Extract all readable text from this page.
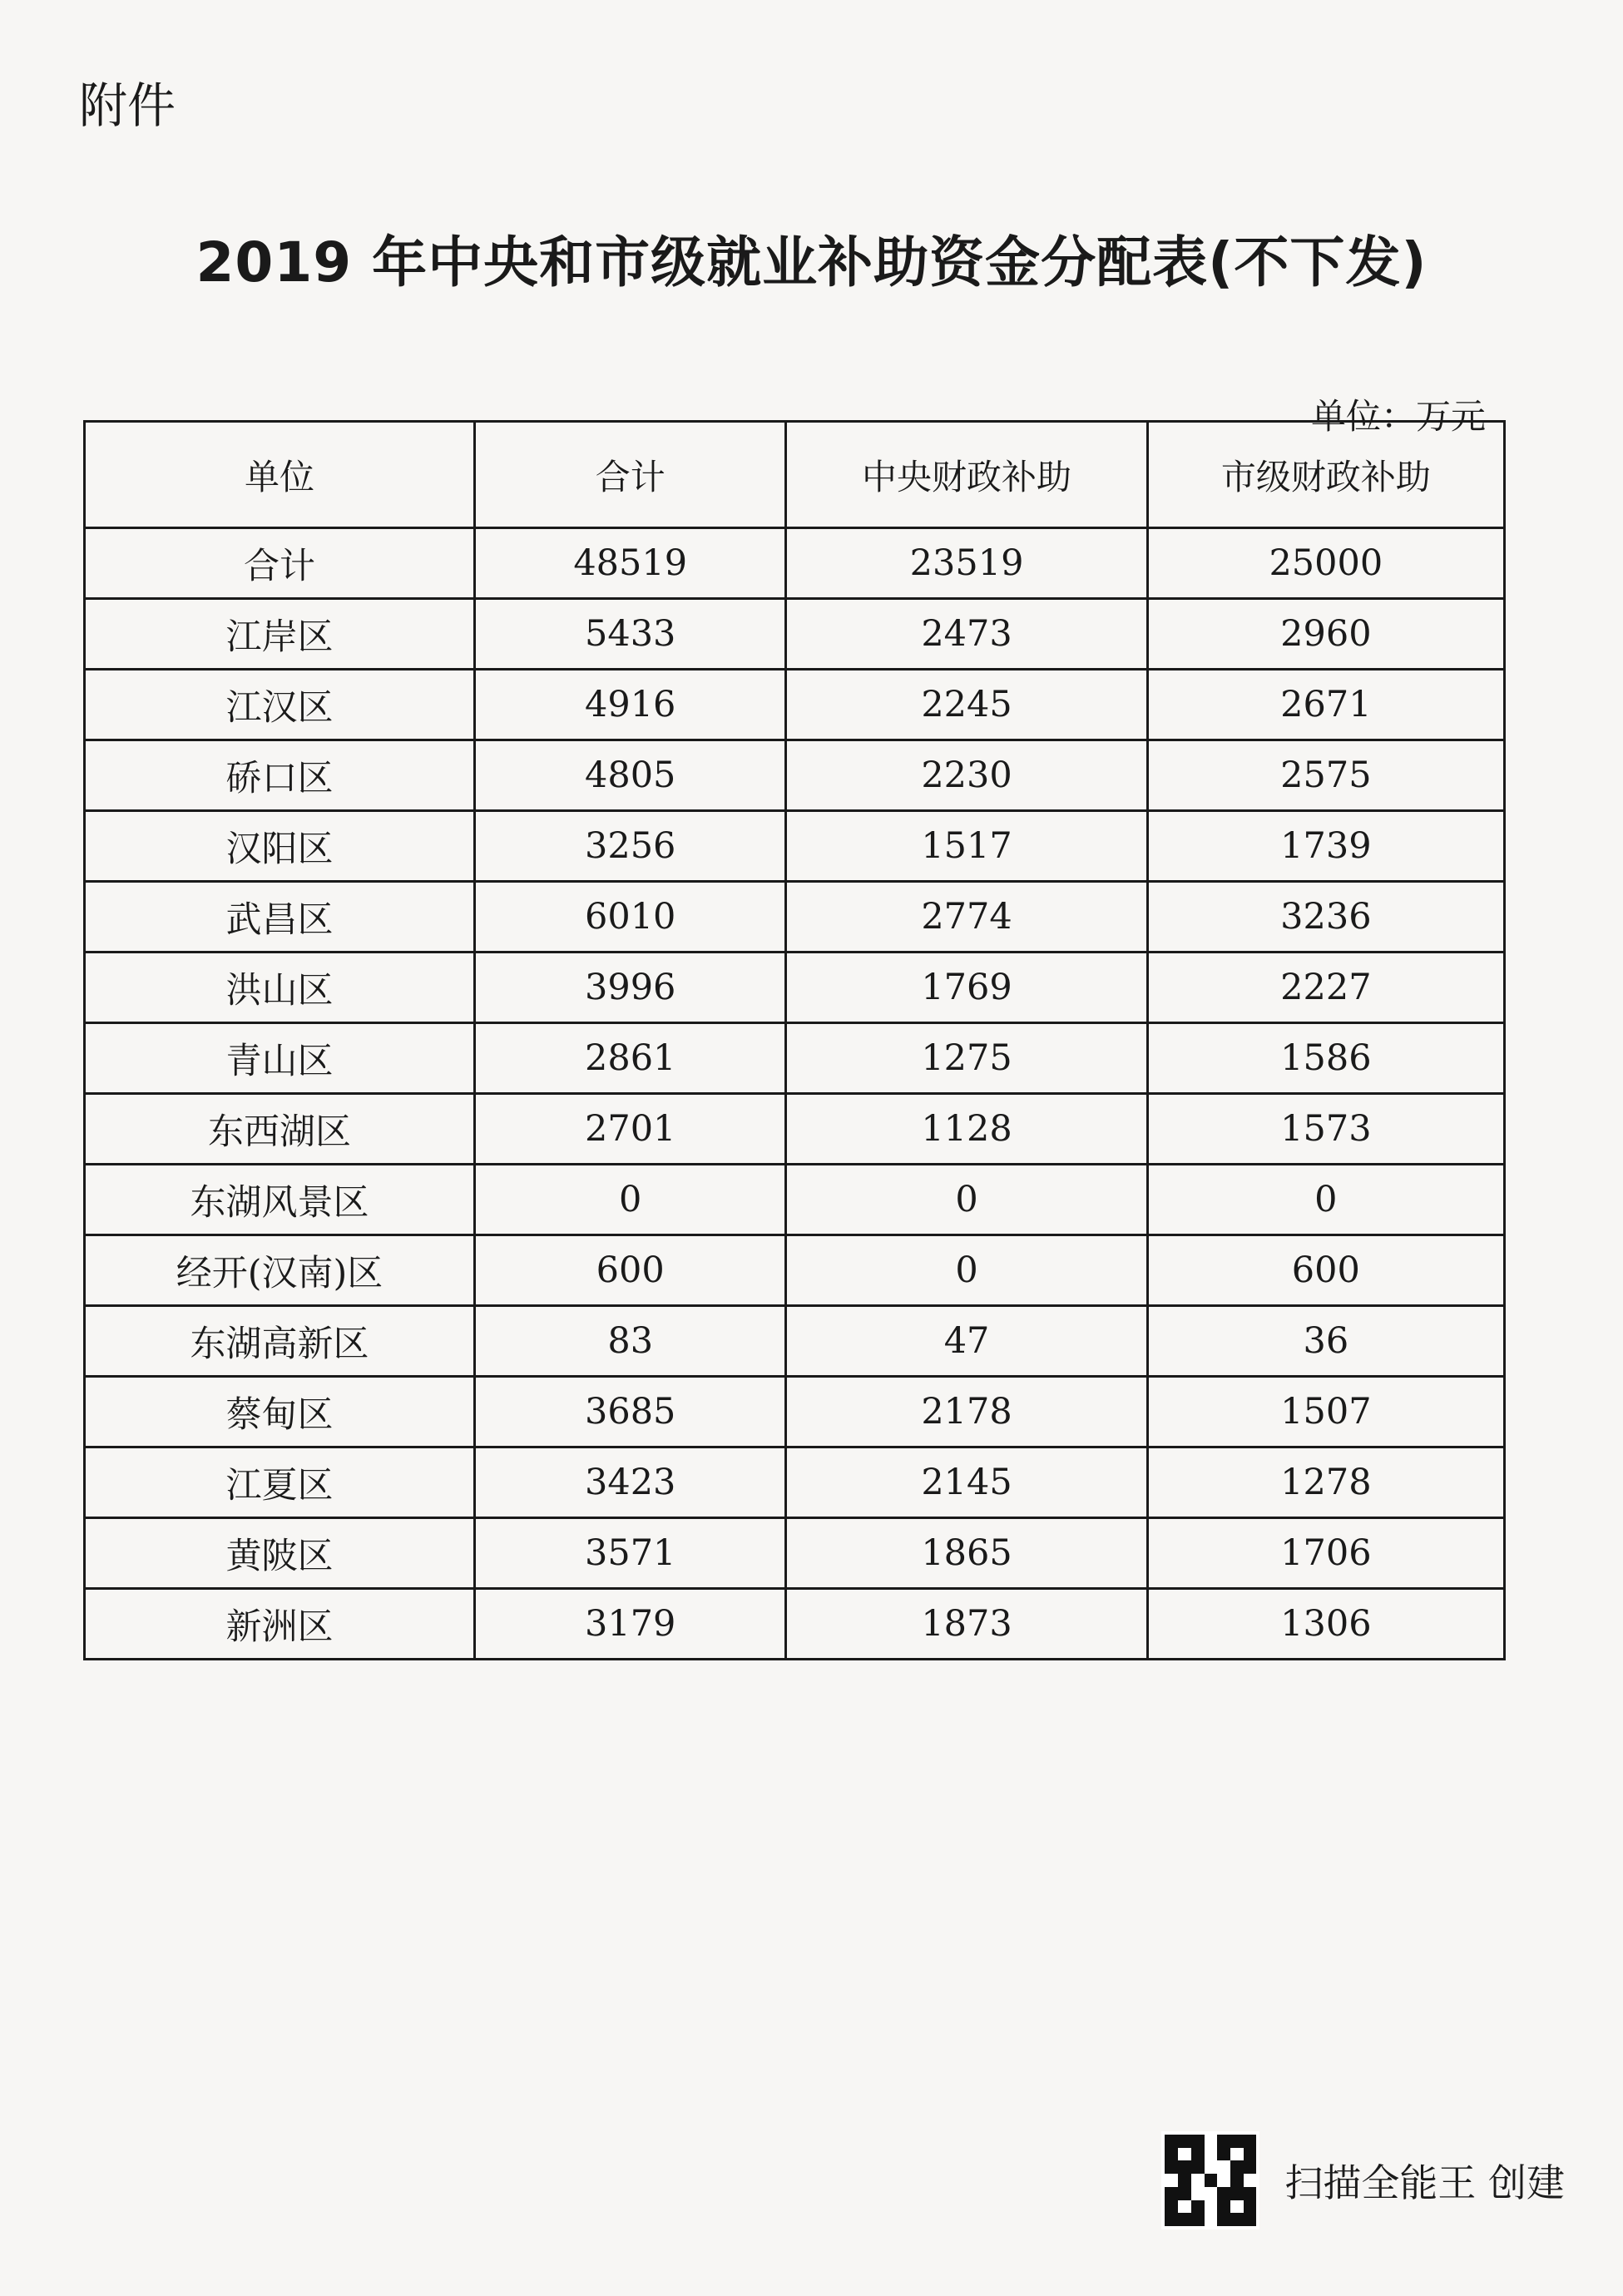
附件
2019 年中央和市级就业补助资金分配表(不下发)
单位：万元
单位	合计	中央财政补助	市级财政补助
合计	48519	23519	25000
江岸区	5433	2473	2960
江汉区	4916	2245	2671
硚口区	4805	2230	2575
汉阳区	3256	1517	1739
武昌区	6010	2774	3236
洪山区	3996	1769	2227
青山区	2861	1275	1586
东西湖区	2701	1128	1573
东湖风景区	0	0	0
经开(汉南)区	600	0	600
东湖高新区	83	47	36
蔡甸区	3685	2178	1507
江夏区	3423	2145	1278
黄陂区	3571	1865	1706
新洲区	3179	1873	1306
扫描全能王 创建
